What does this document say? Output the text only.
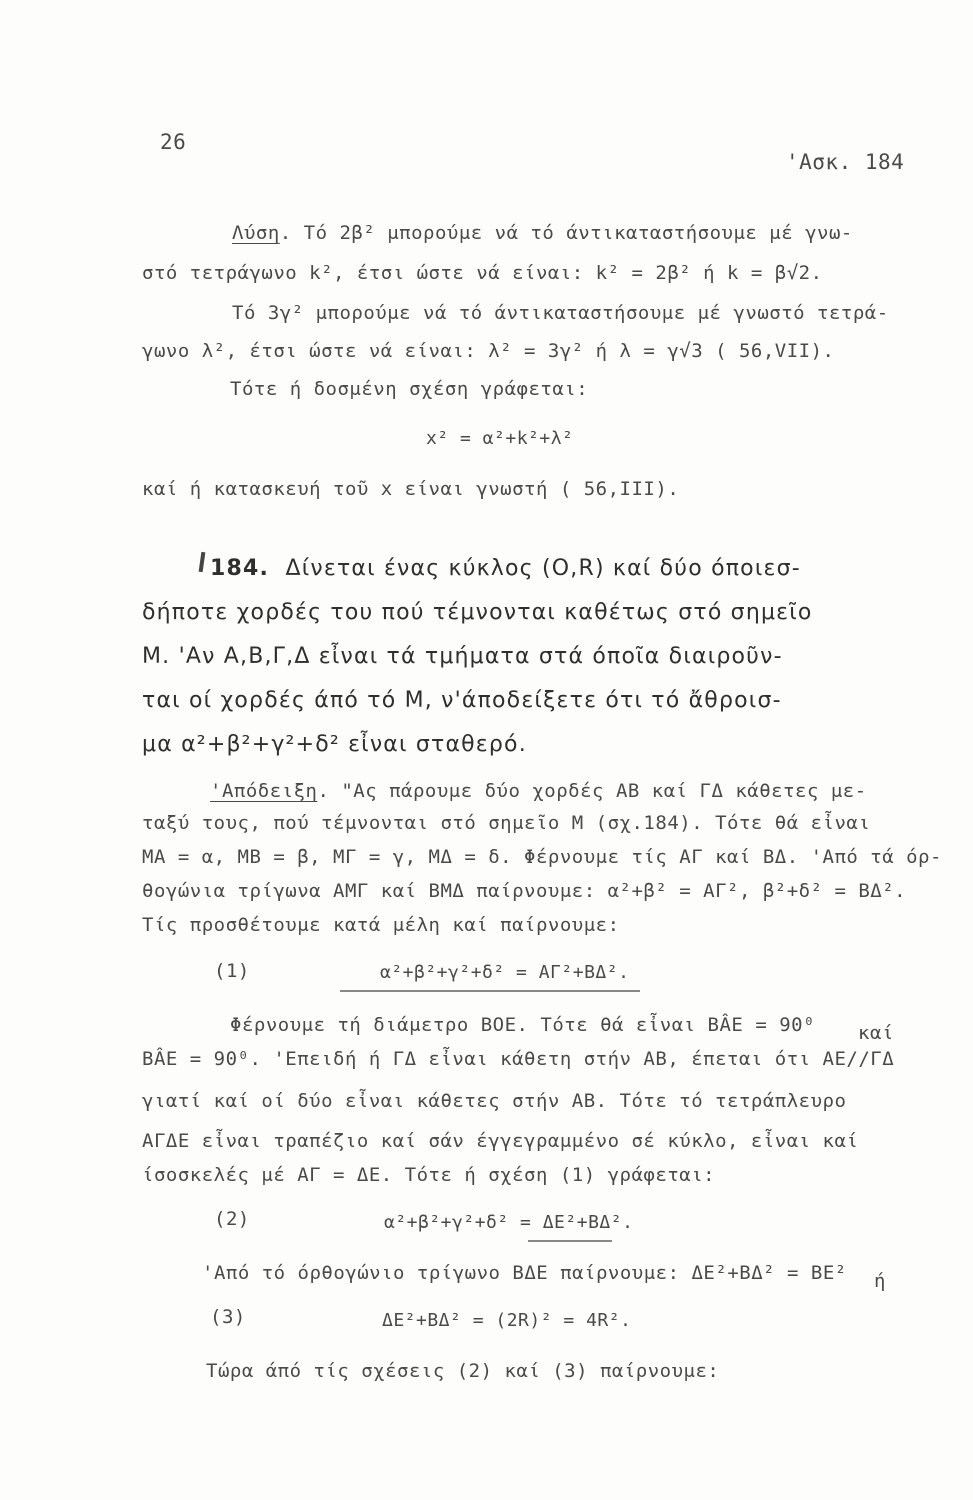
26
'Ασκ. 184
Λύση. Τό 2β² μπορούμε νά τό άντικαταστήσουμε μέ γνω-
στό τετράγωνο k², έτσι ώστε νά είναι: k² = 2β² ή k = β√2.
Τό 3γ² μπορούμε νά τό άντικαταστήσουμε μέ γνωστό τετρά-
γωνο λ², έτσι ώστε νά είναι: λ² = 3γ² ή λ = γ√3 ( 56,VII).
Τότε ή δοσμένη σχέση γράφεται:
x² = α²+k²+λ²
καί ή κατασκευή τοῦ x είναι γνωστή ( 56,III).
184. Δίνεται ένας κύκλος (O,R) καί δύο όποιεσ-
δήποτε χορδές του πού τέμνονται καθέτως στό σημεῖο
Μ. 'Αν Α,Β,Γ,Δ εἶναι τά τμήματα στά όποῖα διαιροῦν-
ται οί χορδές άπό τό Μ, ν'άποδείξετε ότι τό ἄθροισ-
μα α²+β²+γ²+δ² εἶναι σταθερό.
'Απόδειξη. "Ας πάρουμε δύο χορδές ΑΒ καί ΓΔ κάθετες με-
ταξύ τους, πού τέμνονται στό σημεῖο Μ (σχ.184). Τότε θά εἶναι
ΜΑ = α, ΜΒ = β, ΜΓ = γ, ΜΔ = δ. Φέρνουμε τίς ΑΓ καί ΒΔ. 'Από τά όρ-
θογώνια τρίγωνα ΑΜΓ καί ΒΜΔ παίρνουμε: α²+β² = ΑΓ², β²+δ² = ΒΔ².
Τίς προσθέτουμε κατά μέλη καί παίρνουμε:
(1)	α²+β²+γ²+δ² = ΑΓ²+ΒΔ².
Φέρνουμε τή διάμετρο ΒΟΕ. Τότε θά εἶναι ΒÂΕ = 90⁰ καί
ΒÂΕ = 90⁰. 'Επειδή ή ΓΔ εἶναι κάθετη στήν ΑΒ, έπεται ότι ΑΕ//ΓΔ
γιατί καί οί δύο εἶναι κάθετες στήν ΑΒ. Τότε τό τετράπλευρο
ΑΓΔΕ εἶναι τραπέζιο καί σάν έγγεγραμμένο σέ κύκλο, εἶναι καί
ίσοσκελές μέ ΑΓ = ΔΕ. Τότε ή σχέση (1) γράφεται:
(2)	α²+β²+γ²+δ² = ΔΕ²+ΒΔ².
'Από τό όρθογώνιο τρίγωνο ΒΔΕ παίρνουμε: ΔΕ²+ΒΔ² = ΒΕ² ή
(3)	ΔΕ²+ΒΔ² = (2R)² = 4R².
Τώρα άπό τίς σχέσεις (2) καί (3) παίρνουμε:
